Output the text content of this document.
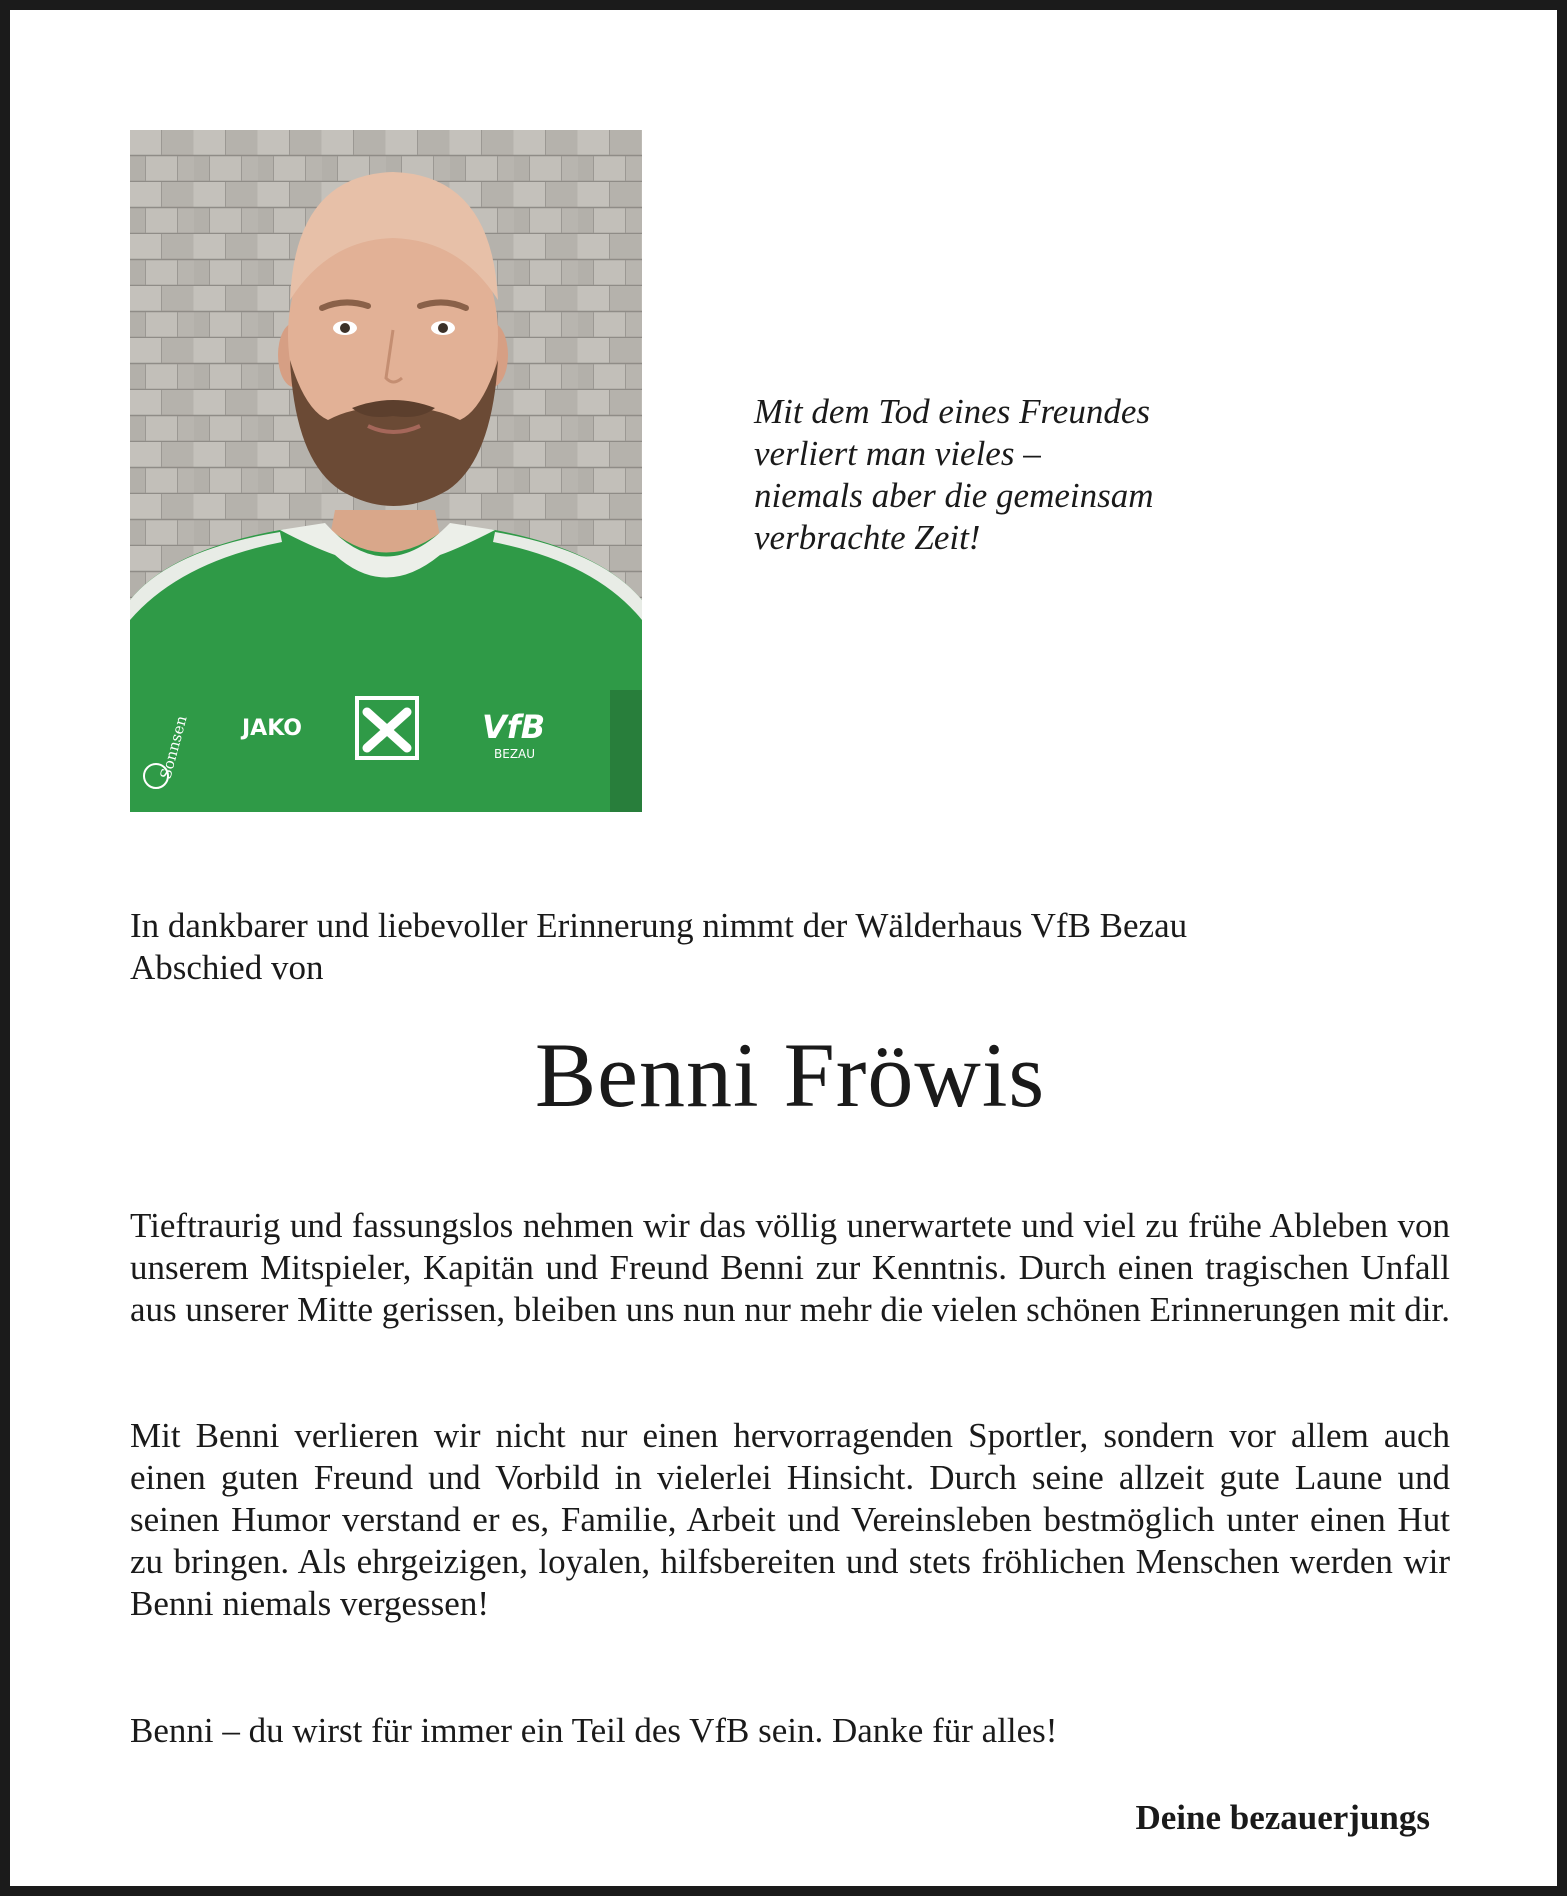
JAKO	VfB
BEZAU
Sonnsen

Mit dem Tod eines Freundes
verliert man vieles –
niemals aber die gemeinsam
verbrachte Zeit!

In dankbarer und liebevoller Erinnerung nimmt der Wälderhaus VfB Bezau
Abschied von

Benni Fröwis

Tieftraurig und fassungslos nehmen wir das völlig unerwartete und viel zu frühe Ableben von unserem Mitspieler, Kapitän und Freund Benni zur Kenntnis. Durch einen tragischen Unfall aus unserer Mitte gerissen, bleiben uns nun nur mehr die vielen schönen Erinnerungen mit dir.

Mit Benni verlieren wir nicht nur einen hervorragenden Sportler, sondern vor allem auch einen guten Freund und Vorbild in vielerlei Hinsicht. Durch seine allzeit gute Laune und seinen Humor verstand er es, Familie, Arbeit und Vereinsleben bestmöglich unter einen Hut zu bringen. Als ehrgeizigen, loyalen, hilfsbereiten und stets fröhlichen Menschen werden wir Benni niemals vergessen!

Benni – du wirst für immer ein Teil des VfB sein. Danke für alles!

Deine bezauerjungs
